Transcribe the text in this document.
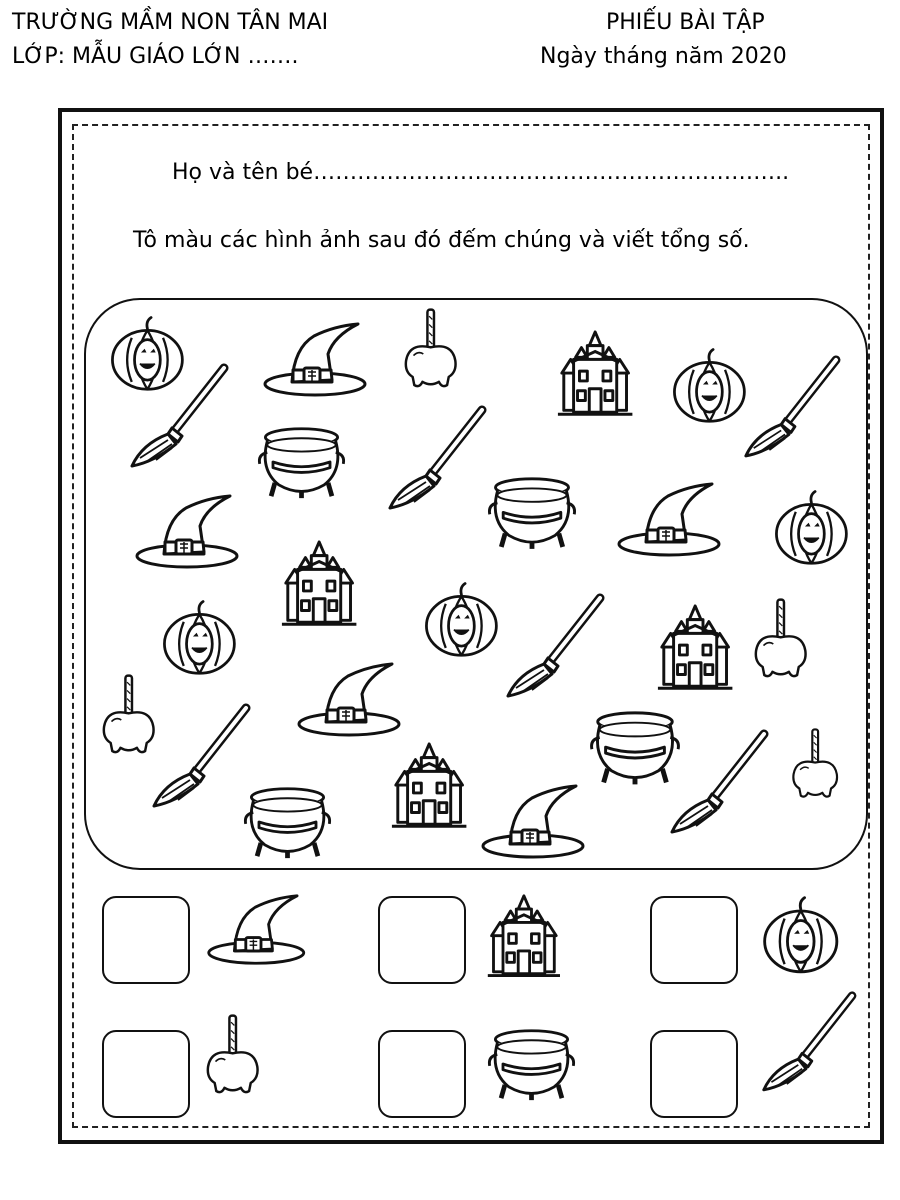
TRƯỜNG MẦM NON TÂN MAI
LỚP: MẪU GIÁO LỚN …….
PHIẾU BÀI TẬP
Ngày tháng năm 2020
Họ và tên bé………………………………………………………..
Tô màu các hình ảnh sau đó đếm chúng và viết tổng số.
